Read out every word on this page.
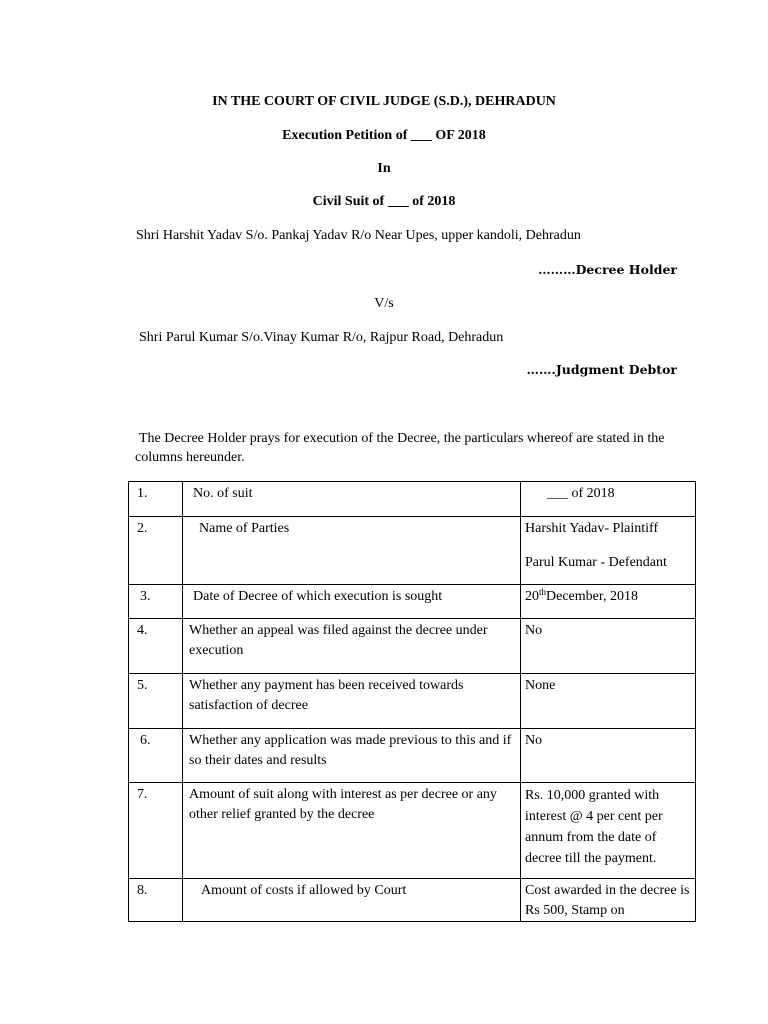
IN THE COURT OF CIVIL JUDGE (S.D.), DEHRADUN
Execution Petition of ___ OF 2018
In
Civil Suit of ___ of 2018
Shri Harshit Yadav S/o. Pankaj Yadav R/o Near Upes, upper kandoli, Dehradun
………Decree Holder
V/s
Shri Parul Kumar S/o.Vinay Kumar R/o, Rajpur Road, Dehradun
…….Judgment Debtor
The Decree Holder prays for execution of the Decree, the particulars whereof are stated in the columns hereunder.
1.	No. of suit	___ of 2018
2.	Name of Parties	Harshit Yadav- Plaintiff
Parul Kumar - Defendant

3.	Date of Decree of which execution is sought	20thDecember, 2018
4.	Whether an appeal was filed against the decree under execution	No
5.	Whether any payment has been received towards satisfaction of decree	None
6.	Whether any application was made previous to this and if so their dates and results	No
7.	Amount of suit along with interest as per decree or any other relief granted by the decree	Rs. 10,000 granted with interest @ 4 per cent per annum from the date of decree till the payment.
8.	Amount of costs if allowed by Court	Cost awarded in the decree is Rs 500, Stamp on
